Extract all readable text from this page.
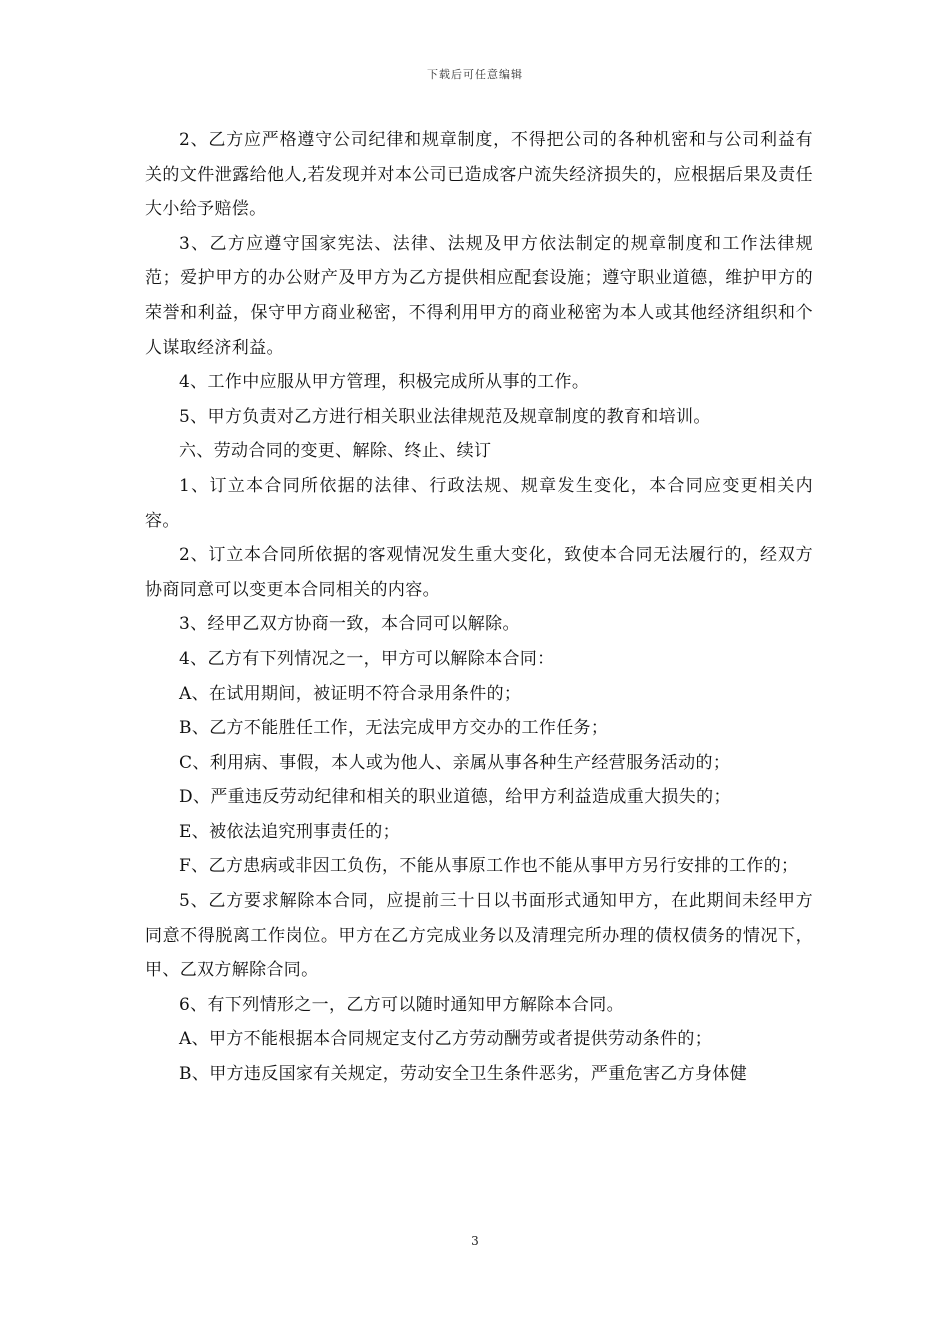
下载后可任意编辑

2、乙方应严格遵守公司纪律和规章制度，不得把公司的各种机密和与公司利益有关的文件泄露给他人,若发现并对本公司已造成客户流失经济损失的，应根据后果及责任大小给予赔偿。

3、乙方应遵守国家宪法、法律、法规及甲方依法制定的规章制度和工作法律规范；爱护甲方的办公财产及甲方为乙方提供相应配套设施；遵守职业道德，维护甲方的荣誉和利益，保守甲方商业秘密，不得利用甲方的商业秘密为本人或其他经济组织和个人谋取经济利益。

4、工作中应服从甲方管理，积极完成所从事的工作。

5、甲方负责对乙方进行相关职业法律规范及规章制度的教育和培训。

六、劳动合同的变更、解除、终止、续订

1、订立本合同所依据的法律、行政法规、规章发生变化，本合同应变更相关内容。

2、订立本合同所依据的客观情况发生重大变化，致使本合同无法履行的，经双方协商同意可以变更本合同相关的内容。

3、经甲乙双方协商一致，本合同可以解除。

4、乙方有下列情况之一，甲方可以解除本合同：

A、在试用期间，被证明不符合录用条件的；

B、乙方不能胜任工作，无法完成甲方交办的工作任务；

C、利用病、事假，本人或为他人、亲属从事各种生产经营服务活动的；

D、严重违反劳动纪律和相关的职业道德，给甲方利益造成重大损失的；

E、被依法追究刑事责任的；

F、乙方患病或非因工负伤，不能从事原工作也不能从事甲方另行安排的工作的；

5、乙方要求解除本合同，应提前三十日以书面形式通知甲方，在此期间未经甲方同意不得脱离工作岗位。甲方在乙方完成业务以及清理完所办理的债权债务的情况下，甲、乙双方解除合同。

6、有下列情形之一，乙方可以随时通知甲方解除本合同。

A、甲方不能根据本合同规定支付乙方劳动酬劳或者提供劳动条件的；

B、甲方违反国家有关规定，劳动安全卫生条件恶劣，严重危害乙方身体健

3
